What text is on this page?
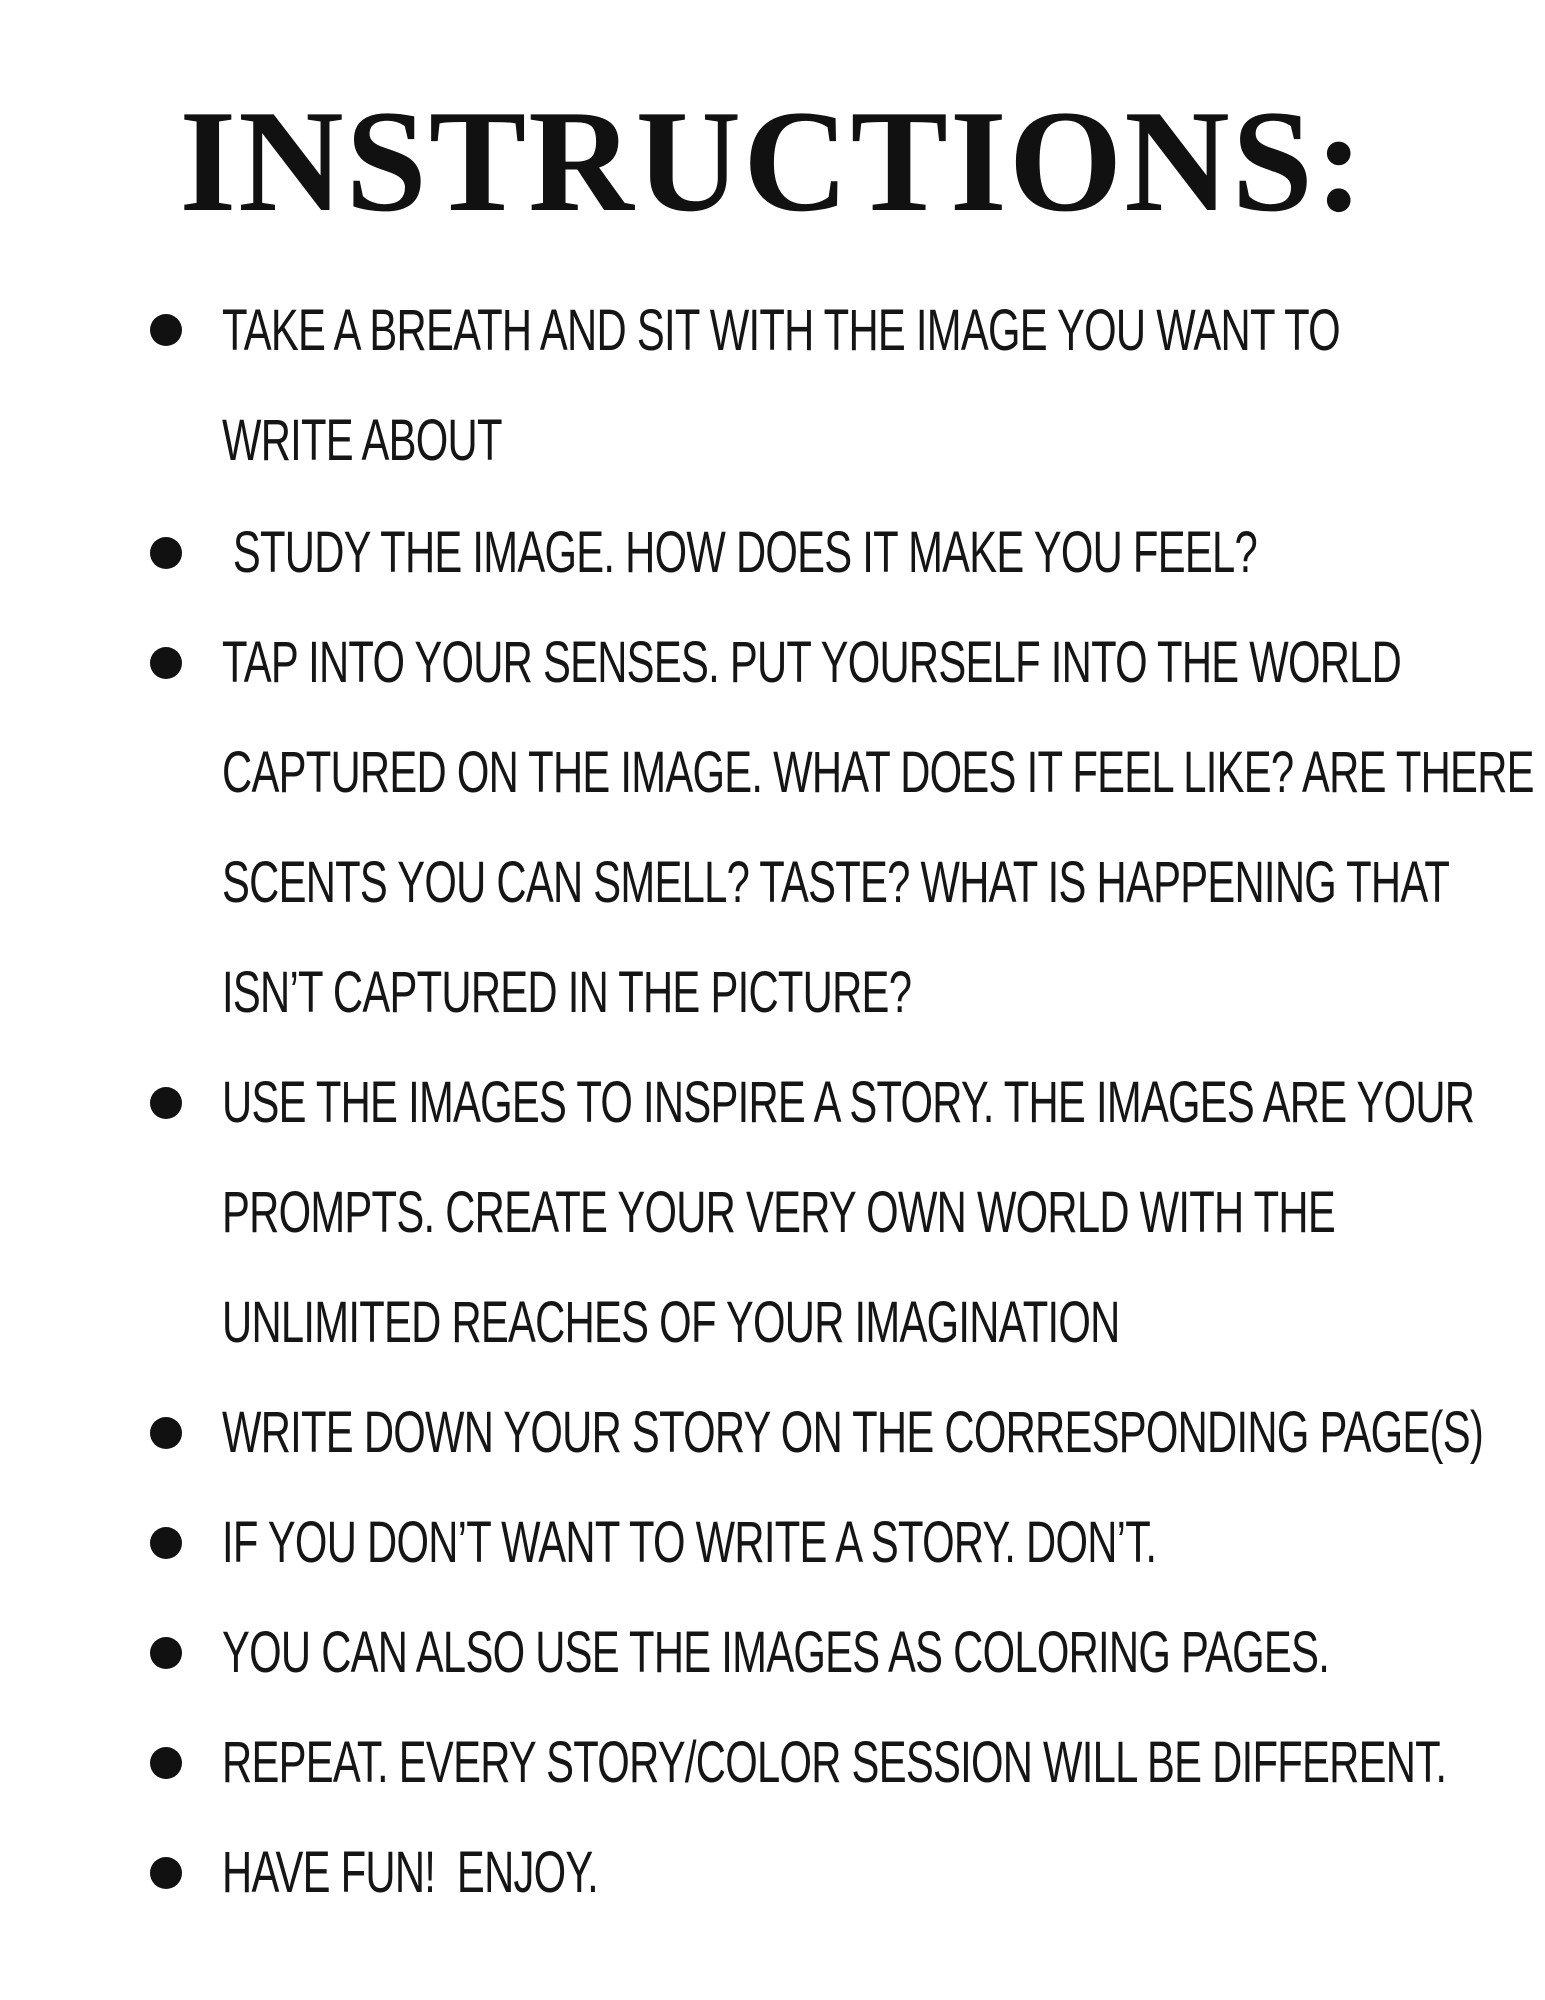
INSTRUCTIONS:
TAKE A BREATH AND SIT WITH THE IMAGE YOU WANT TO
WRITE ABOUT
STUDY THE IMAGE. HOW DOES IT MAKE YOU FEEL?
TAP INTO YOUR SENSES. PUT YOURSELF INTO THE WORLD
CAPTURED ON THE IMAGE. WHAT DOES IT FEEL LIKE? ARE THERE
SCENTS YOU CAN SMELL? TASTE? WHAT IS HAPPENING THAT
ISN’T CAPTURED IN THE PICTURE?
USE THE IMAGES TO INSPIRE A STORY. THE IMAGES ARE YOUR
PROMPTS. CREATE YOUR VERY OWN WORLD WITH THE
UNLIMITED REACHES OF YOUR IMAGINATION
WRITE DOWN YOUR STORY ON THE CORRESPONDING PAGE(S)
IF YOU DON’T WANT TO WRITE A STORY. DON’T.
YOU CAN ALSO USE THE IMAGES AS COLORING PAGES.
REPEAT. EVERY STORY/COLOR SESSION WILL BE DIFFERENT.
HAVE FUN!  ENJOY.
